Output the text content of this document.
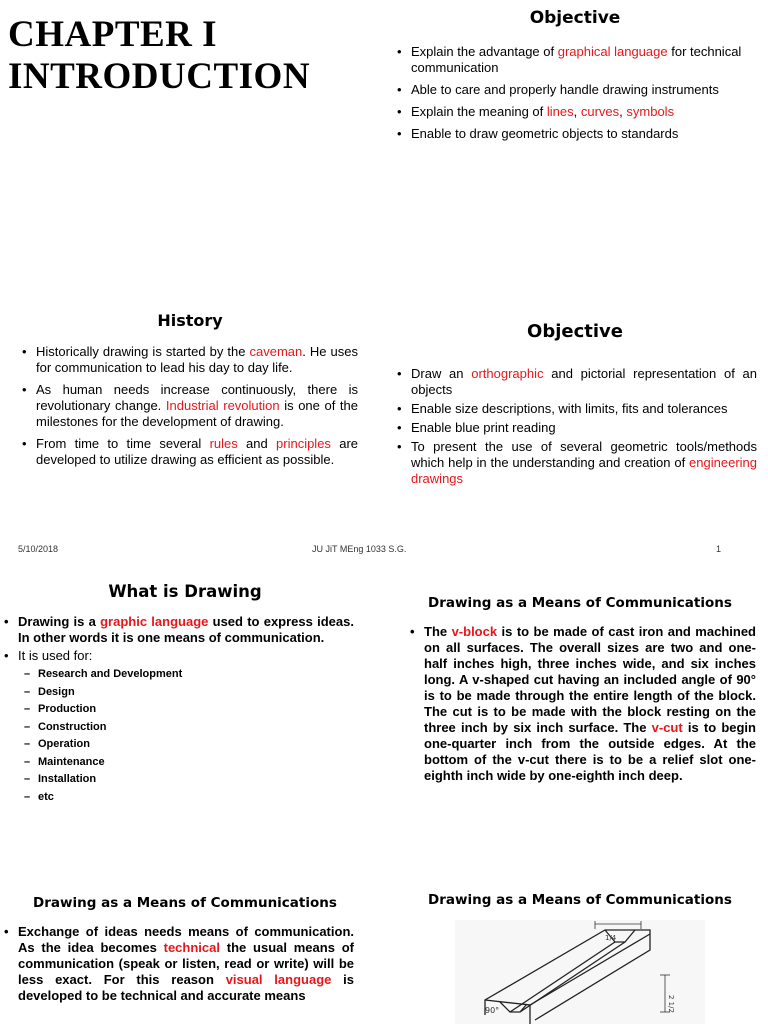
CHAPTER I
INTRODUCTION
Objective
• Explain the advantage of graphical language for technical communication
• Able to care and properly handle drawing instruments
• Explain the meaning of lines, curves, symbols
• Enable to draw geometric objects to standards
History
• Historically drawing is started by the caveman. He uses for communication to lead his day to day life.
• As human needs increase continuously, there is revolutionary change. Industrial revolution is one of the milestones for the development of drawing.
• From time to time several rules and principles are developed to utilize drawing as efficient as possible.
Objective
• Draw an orthographic and pictorial representation of an objects
• Enable size descriptions, with limits, fits and tolerances
• Enable blue print reading
• To present the use of several geometric tools/methods which help in the understanding and creation of engineering drawings
5/10/2018	JU JiT MEng 1033 S.G.	1
What is Drawing
• Drawing is a graphic language used to express ideas. In other words it is one means of communication.
• It is used for:
– Research and Development
– Design
– Production
– Construction
– Operation
– Maintenance
– Installation
– etc
Drawing as a Means of Communications
• The v-block is to be made of cast iron and machined on all surfaces. The overall sizes are two and one-half inches high, three inches wide, and six inches long. A v-shaped cut having an included angle of 90° is to be made through the entire length of the block. The cut is to be made with the block resting on the three inch by six inch surface. The v-cut is to begin one-quarter inch from the outside edges. At the bottom of the v-cut there is to be a relief slot one-eighth inch wide by one-eighth inch deep.
Drawing as a Means of Communications
• Exchange of ideas needs means of communication. As the idea becomes technical the usual means of communication (speak or listen, read or write) will be less exact. For this reason visual language is developed to be technical and accurate means
Drawing as a Means of Communications
1/4
90°	2 1/2
